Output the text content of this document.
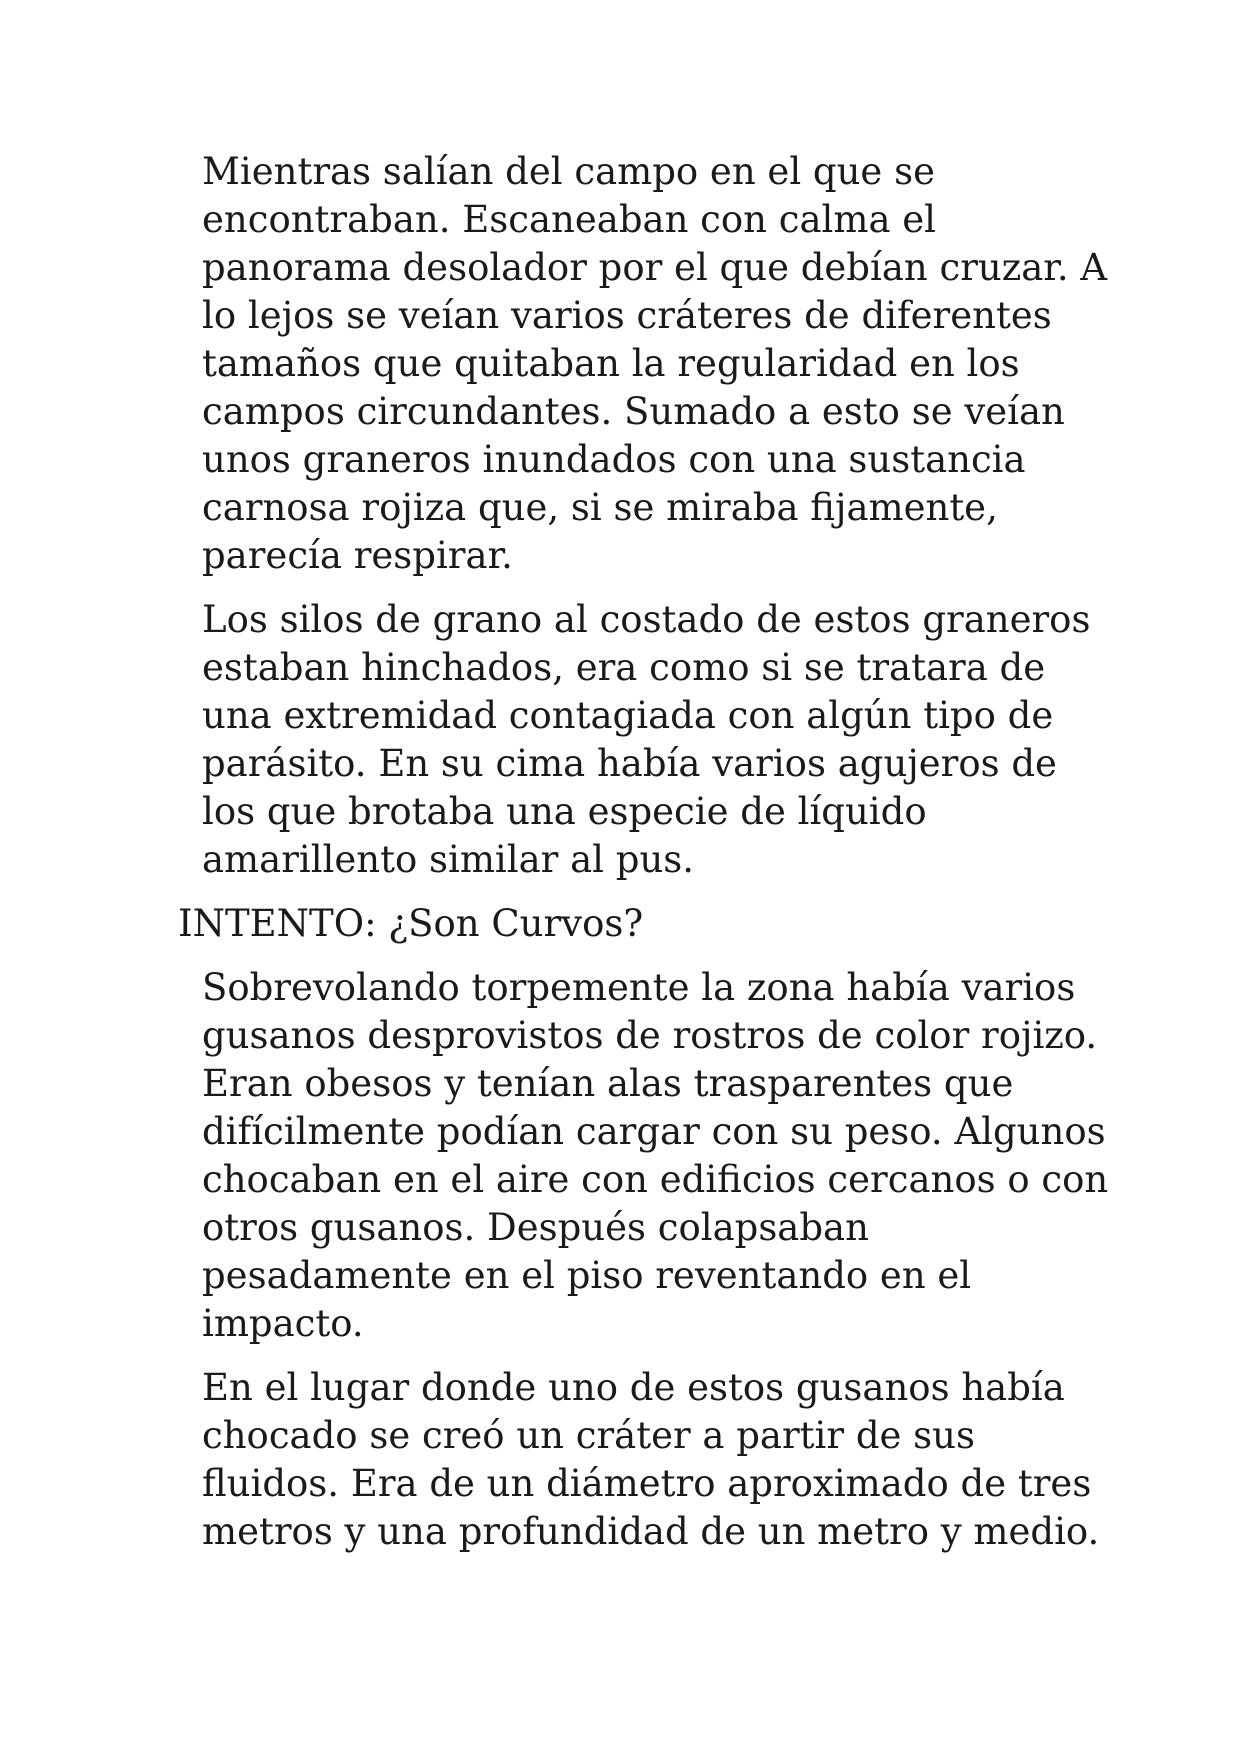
Mientras salían del campo en el que se
encontraban. Escaneaban con calma el
panorama desolador por el que debían cruzar. A
lo lejos se veían varios cráteres de diferentes
tamaños que quitaban la regularidad en los
campos circundantes. Sumado a esto se veían
unos graneros inundados con una sustancia
carnosa rojiza que, si se miraba fijamente,
parecía respirar.

Los silos de grano al costado de estos graneros
estaban hinchados, era como si se tratara de
una extremidad contagiada con algún tipo de
parásito. En su cima había varios agujeros de
los que brotaba una especie de líquido
amarillento similar al pus.

INTENTO: ¿Son Curvos?

Sobrevolando torpemente la zona había varios
gusanos desprovistos de rostros de color rojizo.
Eran obesos y tenían alas trasparentes que
difícilmente podían cargar con su peso. Algunos
chocaban en el aire con edificios cercanos o con
otros gusanos. Después colapsaban
pesadamente en el piso reventando en el
impacto.

En el lugar donde uno de estos gusanos había
chocado se creó un cráter a partir de sus
fluidos. Era de un diámetro aproximado de tres
metros y una profundidad de un metro y medio.
